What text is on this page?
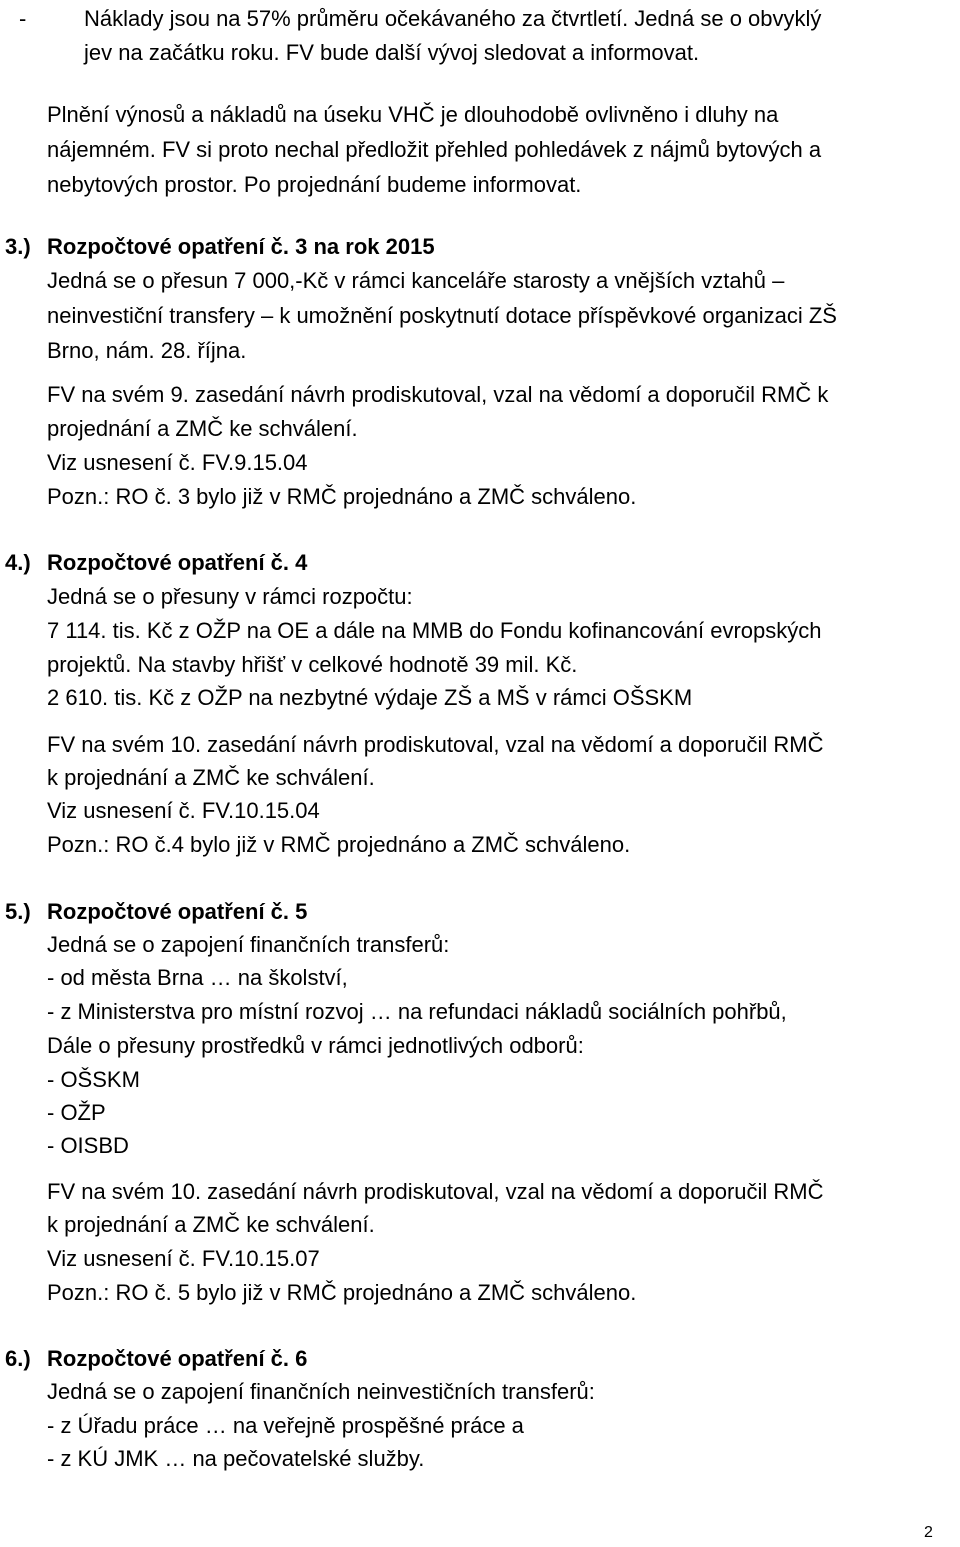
-	Náklady jsou na 57% průměru očekávaného za čtvrtletí. Jedná se o obvyklý
jev na začátku roku. FV bude další vývoj sledovat a informovat.
Plnění výnosů a nákladů na úseku VHČ je dlouhodobě ovlivněno i dluhy na
nájemném. FV si proto nechal předložit přehled pohledávek z nájmů bytových a
nebytových prostor. Po projednání budeme informovat.
3.) Rozpočtové opatření č. 3 na rok 2015
Jedná se o přesun 7 000,-Kč v rámci kanceláře starosty a vnějších vztahů –
neinvestiční transfery – k umožnění poskytnutí dotace příspěvkové organizaci ZŠ
Brno, nám. 28. října.
FV na svém 9. zasedání návrh prodiskutoval, vzal na vědomí a doporučil RMČ k
projednání a ZMČ ke schválení.
Viz usnesení č. FV.9.15.04
Pozn.: RO č. 3 bylo již v RMČ projednáno a ZMČ schváleno.
4.) Rozpočtové opatření č. 4
Jedná se o přesuny v rámci rozpočtu:
7 114. tis. Kč z OŽP na OE a dále na MMB do Fondu kofinancování evropských
projektů. Na stavby hřišť v celkové hodnotě 39 mil. Kč.
2 610. tis. Kč z OŽP na nezbytné výdaje ZŠ a MŠ v rámci OŠSKM
FV na svém 10. zasedání návrh prodiskutoval, vzal na vědomí a doporučil RMČ
k projednání a ZMČ ke schválení.
Viz usnesení č. FV.10.15.04
Pozn.: RO č.4 bylo již v RMČ projednáno a ZMČ schváleno.
5.) Rozpočtové opatření č. 5
Jedná se o zapojení finančních transferů:
- od města Brna … na školství,
- z Ministerstva pro místní rozvoj … na refundaci nákladů sociálních pohřbů,
Dále o přesuny prostředků v rámci jednotlivých odborů:
- OŠSKM
- OŽP
- OISBD
FV na svém 10. zasedání návrh prodiskutoval, vzal na vědomí a doporučil RMČ
k projednání a ZMČ ke schválení.
Viz usnesení č. FV.10.15.07
Pozn.: RO č. 5 bylo již v RMČ projednáno a ZMČ schváleno.
6.) Rozpočtové opatření č. 6
Jedná se o zapojení finančních neinvestičních transferů:
- z Úřadu práce … na veřejně prospěšné práce a
- z KÚ JMK … na pečovatelské služby.
2
